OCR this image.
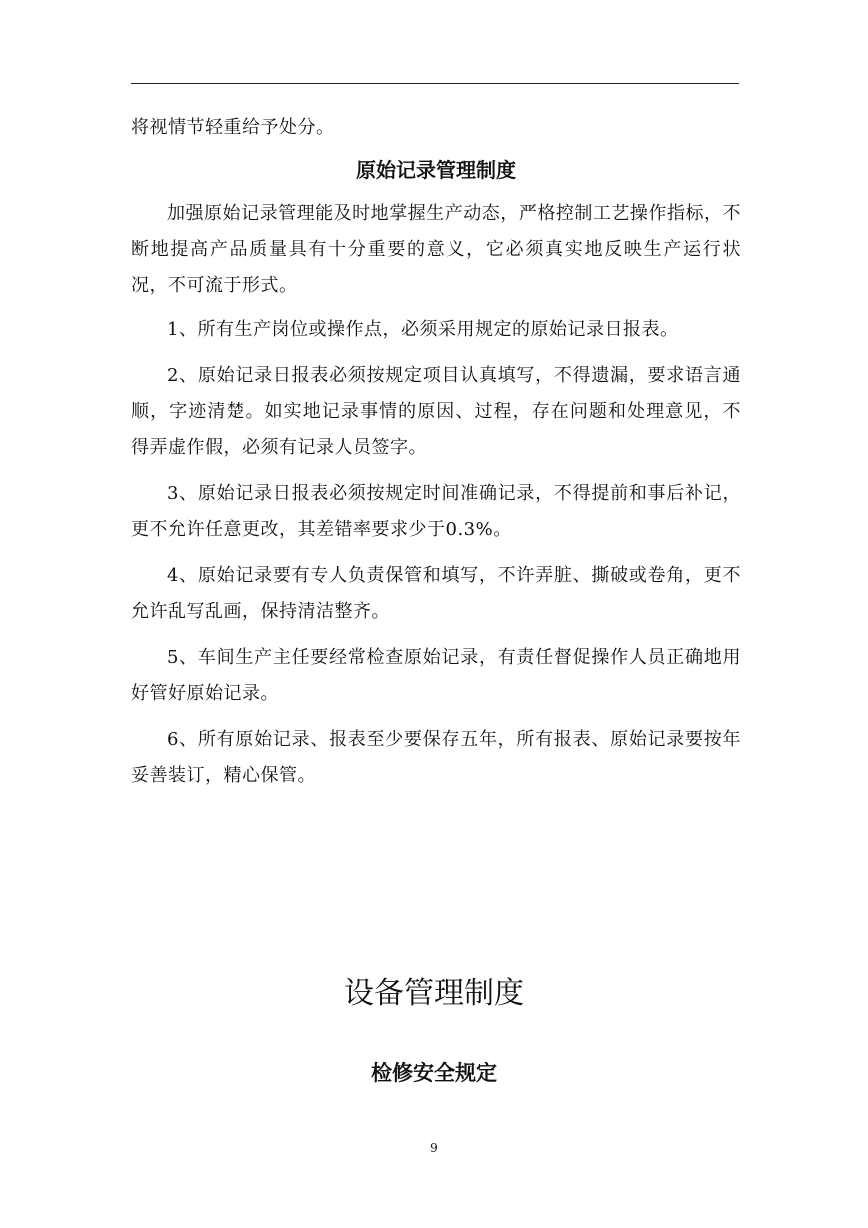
将视情节轻重给予处分。
原始记录管理制度

加强原始记录管理能及时地掌握生产动态，严格控制工艺操作指标，不断地提高产品质量具有十分重要的意义，它必须真实地反映生产运行状况，不可流于形式。

1、所有生产岗位或操作点，必须采用规定的原始记录日报表。

2、原始记录日报表必须按规定项目认真填写，不得遗漏，要求语言通顺，字迹清楚。如实地记录事情的原因、过程，存在问题和处理意见，不得弄虚作假，必须有记录人员签字。

3、原始记录日报表必须按规定时间准确记录，不得提前和事后补记，更不允许任意更改，其差错率要求少于0.3%。

4、原始记录要有专人负责保管和填写，不许弄脏、撕破或卷角，更不允许乱写乱画，保持清洁整齐。

5、车间生产主任要经常检查原始记录，有责任督促操作人员正确地用好管好原始记录。

6、所有原始记录、报表至少要保存五年，所有报表、原始记录要按年妥善装订，精心保管。

设备管理制度
检修安全规定
9
